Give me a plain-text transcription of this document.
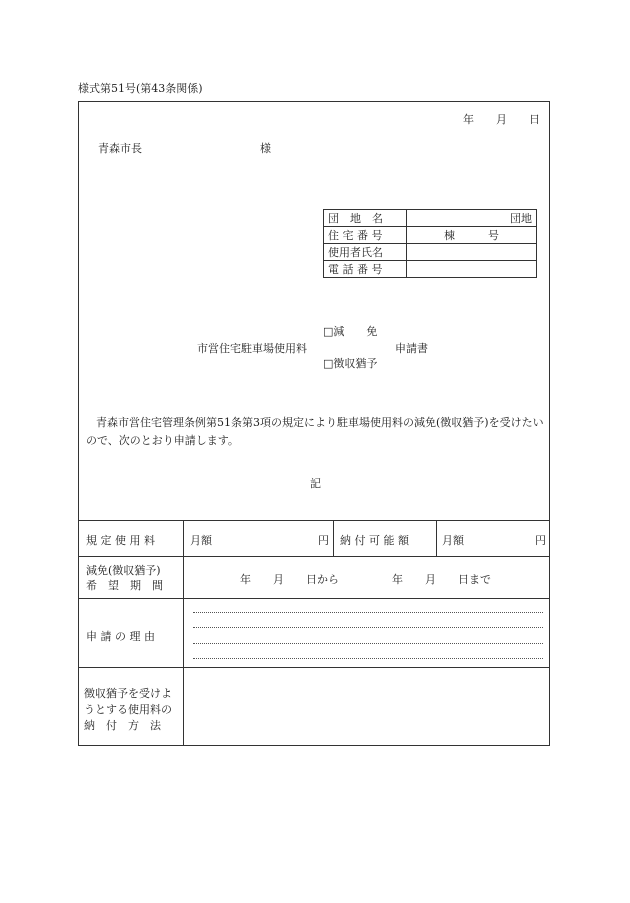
様式第51号(第43条関係)
年　　月　　日
青森市長	様
団　地　名	団地
住 宅 番 号	棟　　　号
使用者氏名	
電 話 番 号	
□減　　免
市営住宅駐車場使用料	申請書
□徴収猶予
青森市営住宅管理条例第51条第3項の規定により駐車場使用料の減免(徴収猶予)を受けたいので、次のとおり申請します。
記
規 定 使 用 料	月額	円 納 付 可 能 額	月額	円
減免(徴収猶予)
希　望　期　間	年　　月　　日から	年　　月　　日まで
申 請 の 理 由
徴収猶予を受けよ
うとする使用料の
納　付　方　法
